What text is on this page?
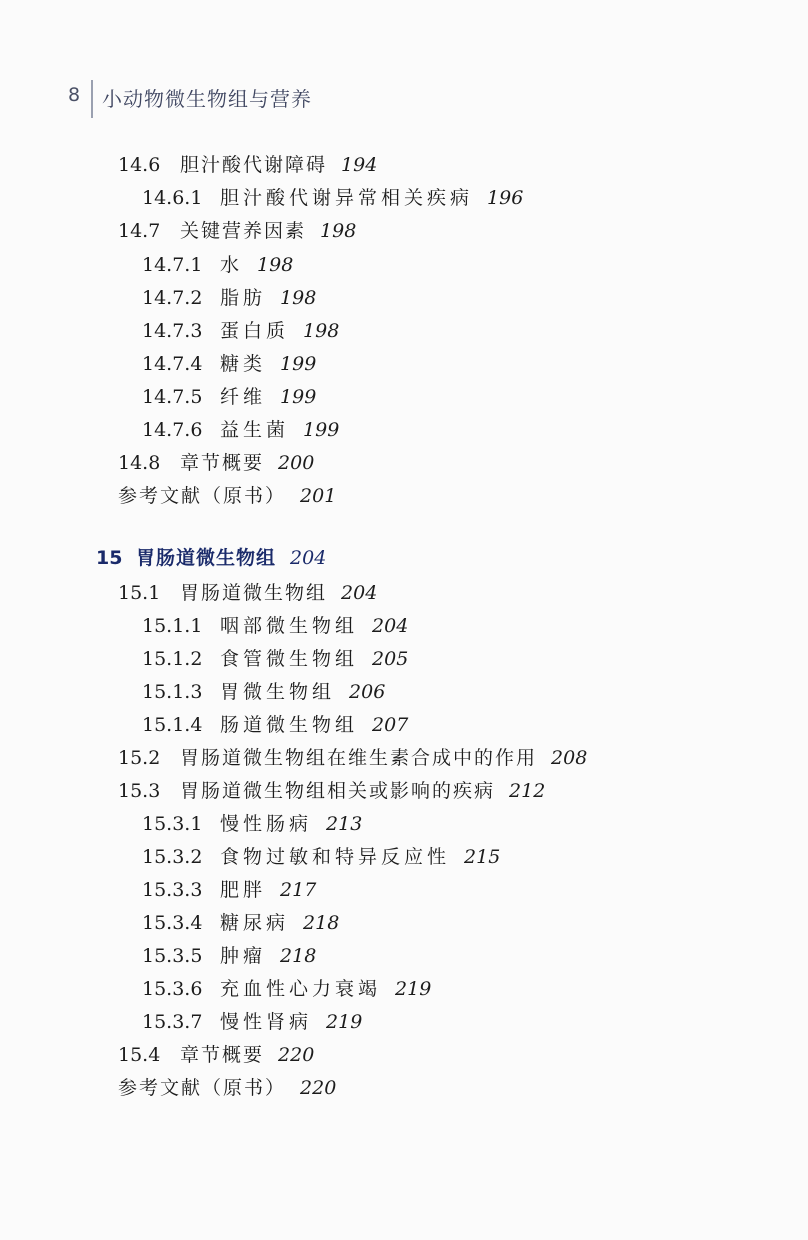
8 小动物微生物组与营养
14.6 胆汁酸代谢障碍 194
14.6.1 胆汁酸代谢异常相关疾病 196
14.7 关键营养因素 198
14.7.1 水 198
14.7.2 脂肪 198
14.7.3 蛋白质 198
14.7.4 糖类 199
14.7.5 纤维 199
14.7.6 益生菌 199
14.8 章节概要 200
参考文献（原书） 201
15 胃肠道微生物组 204
15.1 胃肠道微生物组 204
15.1.1 咽部微生物组 204
15.1.2 食管微生物组 205
15.1.3 胃微生物组 206
15.1.4 肠道微生物组 207
15.2 胃肠道微生物组在维生素合成中的作用 208
15.3 胃肠道微生物组相关或影响的疾病 212
15.3.1 慢性肠病 213
15.3.2 食物过敏和特异反应性 215
15.3.3 肥胖 217
15.3.4 糖尿病 218
15.3.5 肿瘤 218
15.3.6 充血性心力衰竭 219
15.3.7 慢性肾病 219
15.4 章节概要 220
参考文献（原书） 220
